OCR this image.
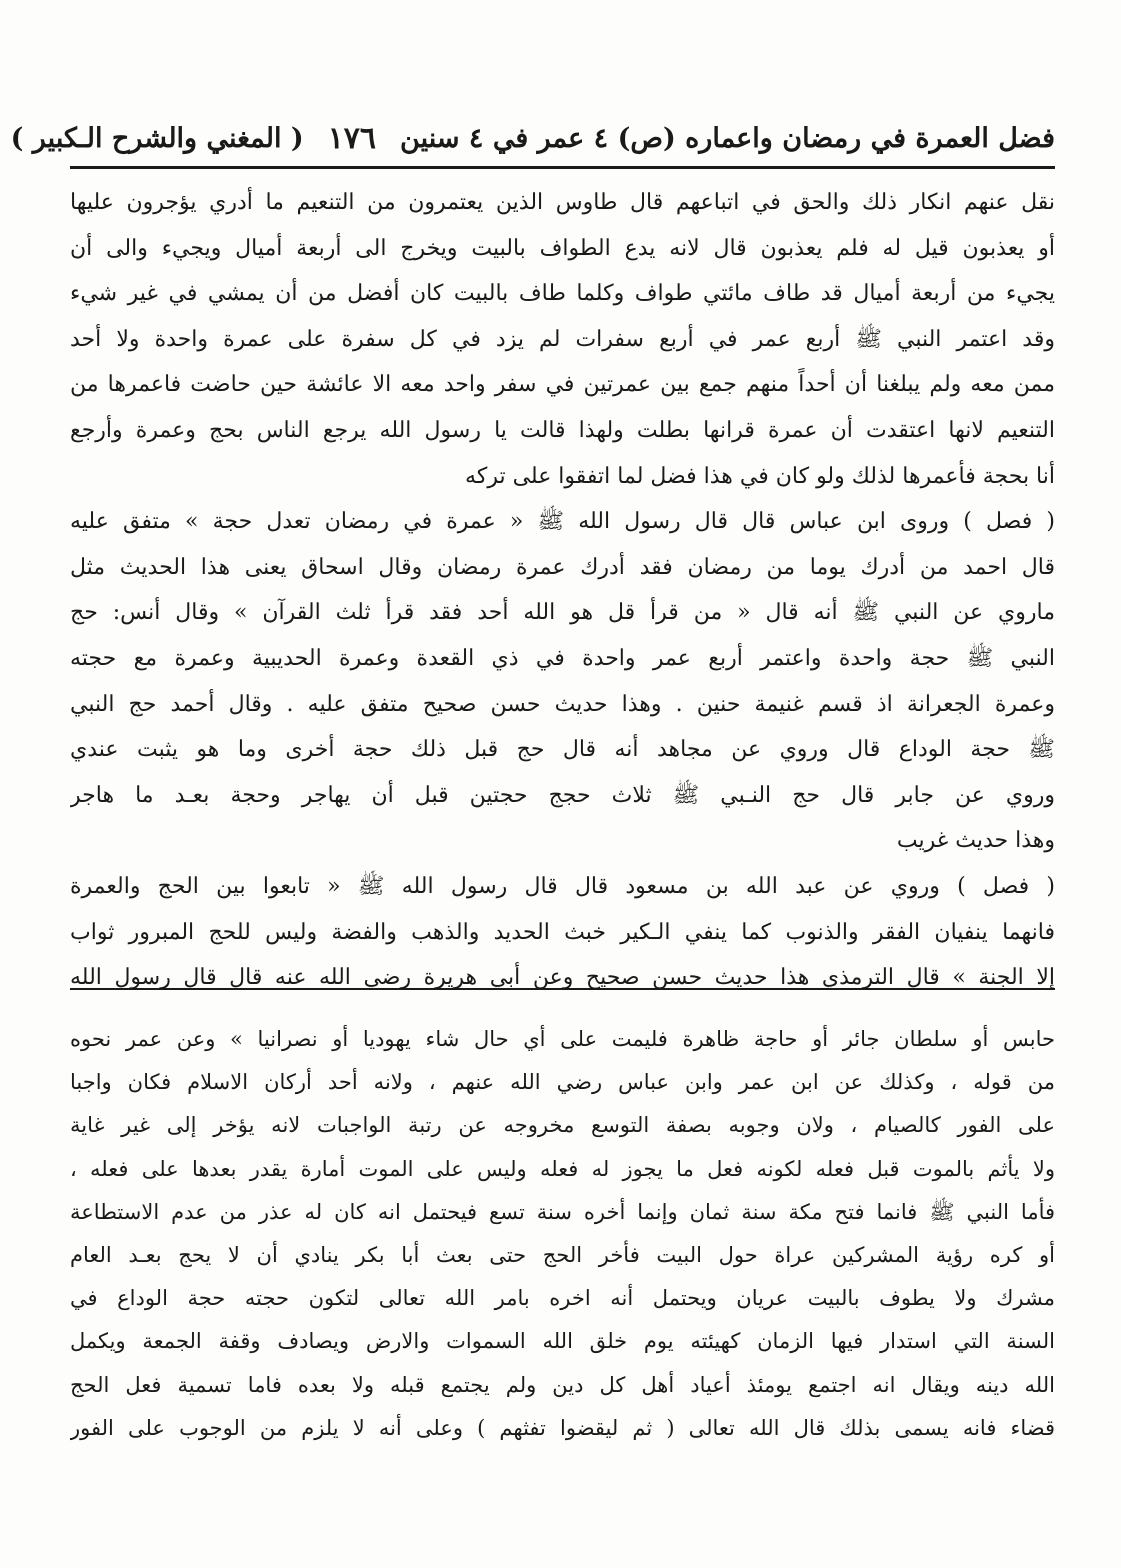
فضل العمرة في رمضان واعماره (ص) ٤ عمر في ٤ سنين
١٧٦
( المغني والشرح الـكبير )
نقل عنهم انكار ذلك والحق في اتباعهم قال طاوس الذين يعتمرون من التنعيم ما أدري يؤجرون عليها
أو يعذبون قيل له فلم يعذبون قال لانه يدع الطواف بالبيت ويخرج الى أربعة أميال ويجيء والى أن
يجيء من أربعة أميال قد طاف مائتي طواف وكلما طاف بالبيت كان أفضل من أن يمشي في غير شيء
وقد اعتمر النبي ﷺ أربع عمر في أربع سفرات لم يزد في كل سفرة على عمرة واحدة ولا أحد
ممن معه ولم يبلغنا أن أحداً منهم جمع بين عمرتين في سفر واحد معه الا عائشة حين حاضت فاعمرها من
التنعيم لانها اعتقدت أن عمرة قرانها بطلت ولهذا قالت يا رسول الله يرجع الناس بحج وعمرة وأرجع
أنا بحجة فأعمرها لذلك ولو كان في هذا فضل لما اتفقوا على تركه
( فصل ) وروى ابن عباس قال قال رسول الله ﷺ « عمرة في رمضان تعدل حجة » متفق عليه
قال احمد من أدرك يوما من رمضان فقد أدرك عمرة رمضان وقال اسحاق يعنى هذا الحديث مثل
ماروي عن النبي ﷺ أنه قال « من قرأ قل هو الله أحد فقد قرأ ثلث القرآن » وقال أنس: حج
النبي ﷺ حجة واحدة واعتمر أربع عمر واحدة في ذي القعدة وعمرة الحديبية وعمرة مع حجته
وعمرة الجعرانة اذ قسم غنيمة حنين . وهذا حديث حسن صحيح متفق عليه . وقال أحمد حج النبي
ﷺ حجة الوداع قال وروي عن مجاهد أنه قال حج قبل ذلك حجة أخرى وما هو يثبت عندي
وروي عن جابر قال حج النـبي ﷺ ثلاث حجج حجتين قبل أن يهاجر وحجة بعـد ما هاجر
وهذا حديث غريب
( فصل ) وروي عن عبد الله بن مسعود قال قال رسول الله ﷺ « تابعوا بين الحج والعمرة
فانهما ينفيان الفقر والذنوب كما ينفي الـكير خبث الحديد والذهب والفضة وليس للحج المبرور ثواب
إلا الجنة » قال الترمذي هذا حديث حسن صحيح وعن أبي هريرة رضي الله عنه قال قال رسول الله
حابس أو سلطان جائر أو حاجة ظاهرة فليمت على أي حال شاء يهوديا أو نصرانيا » وعن عمر نحوه
من قوله ، وكذلك عن ابن عمر وابن عباس رضي الله عنهم ، ولانه أحد أركان الاسلام فكان واجبا
على الفور كالصيام ، ولان وجوبه بصفة التوسع مخروجه عن رتبة الواجبات لانه يؤخر إلى غير غاية
ولا يأثم بالموت قبل فعله لكونه فعل ما يجوز له فعله وليس على الموت أمارة يقدر بعدها على فعله ،
فأما النبي ﷺ فانما فتح مكة سنة ثمان وإنما أخره سنة تسع فيحتمل انه كان له عذر من عدم الاستطاعة
أو كره رؤية المشركين عراة حول البيت فأخر الحج حتى بعث أبا بكر ينادي أن لا يحج بعـد العام
مشرك ولا يطوف بالبيت عريان ويحتمل أنه اخره بامر الله تعالى لتكون حجته حجة الوداع في
السنة التي استدار فيها الزمان كهيئته يوم خلق الله السموات والارض ويصادف وقفة الجمعة ويكمل
الله دينه ويقال انه اجتمع يومئذ أعياد أهل كل دين ولم يجتمع قبله ولا بعده فاما تسمية فعل الحج
قضاء فانه يسمى بذلك قال الله تعالى ( ثم ليقضوا تفثهم ) وعلى أنه لا يلزم من الوجوب على الفور
